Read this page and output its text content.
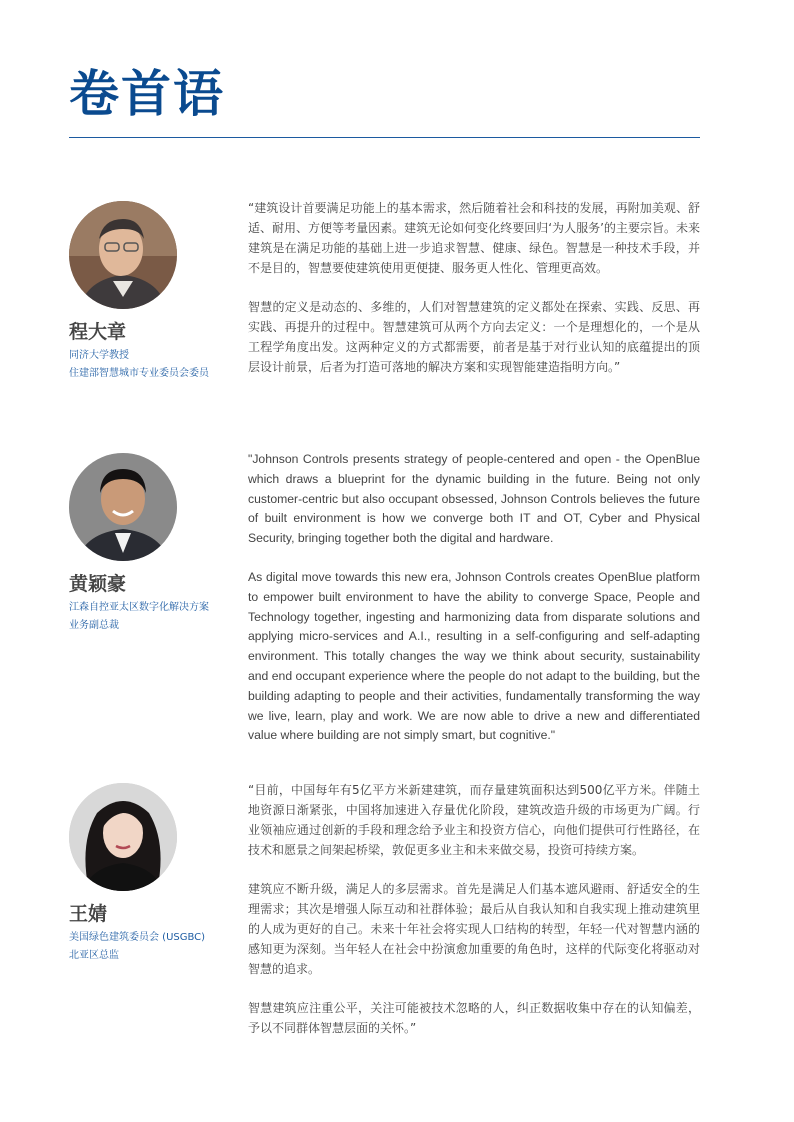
卷首语
程大章
同济大学教授
住建部智慧城市专业委员会委员

“建筑设计首要满足功能上的基本需求，然后随着社会和科技的发展，再附加美观、舒适、耐用、方便等考量因素。建筑无论如何变化终要回归‘为人服务’的主要宗旨。未来建筑是在满足功能的基础上进一步追求智慧、健康、绿色。智慧是一种技术手段，并不是目的，智慧要使建筑使用更便捷、服务更人性化、管理更高效。

智慧的定义是动态的、多维的，人们对智慧建筑的定义都处在探索、实践、反思、再实践、再提升的过程中。智慧建筑可从两个方向去定义：一个是理想化的，一个是从工程学角度出发。这两种定义的方式都需要，前者是基于对行业认知的底蕴提出的顶层设计前景，后者为打造可落地的解决方案和实现智能建造指明方向。”

黄颖豪
江森自控亚太区数字化解决方案
业务副总裁

"Johnson Controls presents strategy of people-centered and open - the OpenBlue which draws a blueprint for the dynamic building in the future. Being not only customer-centric but also occupant obsessed, Johnson Controls believes the future of built environment is how we converge both IT and OT, Cyber and Physical Security, bringing together both the digital and hardware.

As digital move towards this new era, Johnson Controls creates OpenBlue platform to empower built environment to have the ability to converge Space, People and Technology together, ingesting and harmonizing data from disparate solutions and applying micro-services and A.I., resulting in a self-configuring and self-adapting environment. This totally changes the way we think about security, sustainability and end occupant experience where the people do not adapt to the building, but the building adapting to people and their activities, fundamentally transforming the way we live, learn, play and work. We are now able to drive a new and differentiated value where building are not simply smart, but cognitive."

王婧
美国绿色建筑委员会 (USGBC)
北亚区总监

“目前，中国每年有5亿平方米新建建筑，而存量建筑面积达到500亿平方米。伴随土地资源日渐紧张，中国将加速进入存量优化阶段，建筑改造升级的市场更为广阔。行业领袖应通过创新的手段和理念给予业主和投资方信心，向他们提供可行性路径，在技术和愿景之间架起桥梁，敦促更多业主和未来做交易，投资可持续方案。

建筑应不断升级，满足人的多层需求。首先是满足人们基本遮风避雨、舒适安全的生理需求；其次是增强人际互动和社群体验；最后从自我认知和自我实现上推动建筑里的人成为更好的自己。未来十年社会将实现人口结构的转型，年轻一代对智慧内涵的感知更为深刻。当年轻人在社会中扮演愈加重要的角色时，这样的代际变化将驱动对智慧的追求。

智慧建筑应注重公平，关注可能被技术忽略的人，纠正数据收集中存在的认知偏差，予以不同群体智慧层面的关怀。”
